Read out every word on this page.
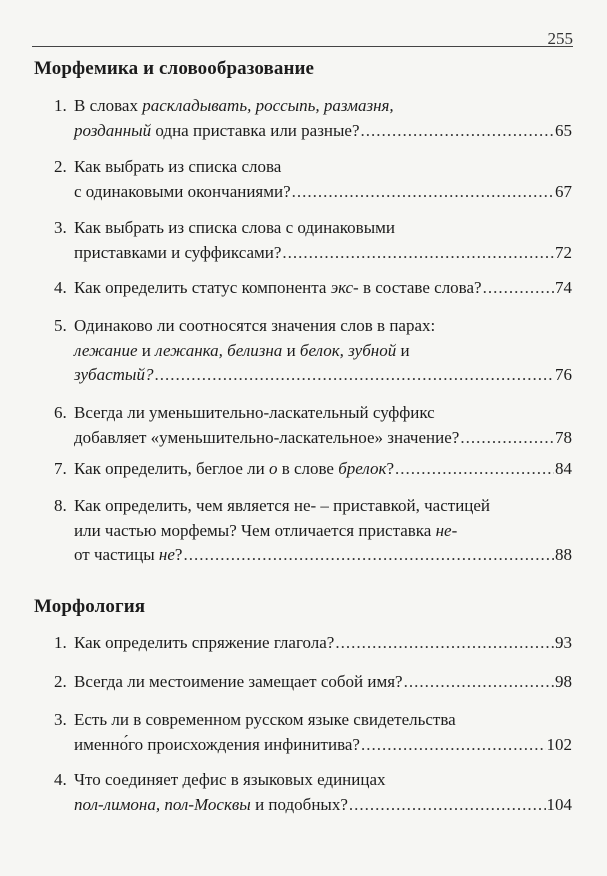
255
Морфемика и словообразование
1. В словах раскладывать, россыпь, размазня,
розданный одна приставка или разные? .....	65
2. Как выбрать из списка слова
с одинаковыми окончаниями? .....	67
3. Как выбрать из списка слова с одинаковыми
приставками и суффиксами? .....	72
4. Как определить статус компонента экс- в составе слова? .....	74
5. Одинаково ли соотносятся значения слов в парах:
лежание и лежанка, белизна и белок, зубной и
зубастый? .....	76
6. Всегда ли уменьшительно-ласкательный суффикс
добавляет «уменьшительно-ласкательное» значение? .....	78
7. Как определить, беглое ли о в слове брелок? .....	84
8. Как определить, чем является не- – приставкой, частицей
или частью морфемы? Чем отличается приставка не-
от частицы не? .....	88
Морфология
1. Как определить спряжение глагола? .....	93
2. Всегда ли местоимение замещает собой имя? .....	98
3. Есть ли в современном русском языке свидетельства
именно́го происхождения инфинитива? .....	102
4. Что соединяет дефис в языковых единицах
пол-лимона, пол-Москвы и подобных? .....	104
